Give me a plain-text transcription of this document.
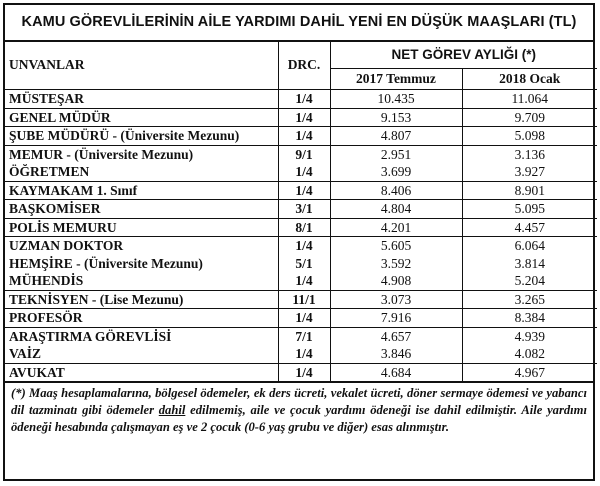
KAMU GÖREVLİLERİNİN AİLE YARDIMI DAHİL YENİ EN DÜŞÜK MAAŞLARI (TL)
UNVANLAR	DRC.	NET GÖREV AYLIĞI (*)	
		2017 Temmuz	2018 Ocak
MÜSTEŞAR	1/4	10.435	11.064
GENEL MÜDÜR	1/4	9.153	9.709
ŞUBE MÜDÜRÜ - (Üniversite Mezunu)	1/4	4.807	5.098
MEMUR - (Üniversite Mezunu)	9/1	2.951	3.136
ÖĞRETMEN	1/4	3.699	3.927
KAYMAKAM 1. Sınıf	1/4	8.406	8.901
BAŞKOMİSER	3/1	4.804	5.095
POLİS MEMURU	8/1	4.201	4.457
UZMAN DOKTOR	1/4	5.605	6.064
HEMŞİRE - (Üniversite Mezunu)	5/1	3.592	3.814
MÜHENDİS	1/4	4.908	5.204
TEKNİSYEN - (Lise Mezunu)	11/1	3.073	3.265
PROFESÖR	1/4	7.916	8.384
ARAŞTIRMA GÖREVLİSİ	7/1	4.657	4.939
VAİZ	1/4	3.846	4.082
AVUKAT	1/4	4.684	4.967
(*) Maaş hesaplamalarına, bölgesel ödemeler, ek ders ücreti, vekalet ücreti, döner sermaye ödemesi ve yabancı dil tazminatı gibi ödemeler dahil edilmemiş, aile ve çocuk yardımı ödeneği ise dahil edilmiştir. Aile yardımı ödeneği hesabında çalışmayan eş ve 2 çocuk (0-6 yaş grubu ve diğer) esas alınmıştır.
